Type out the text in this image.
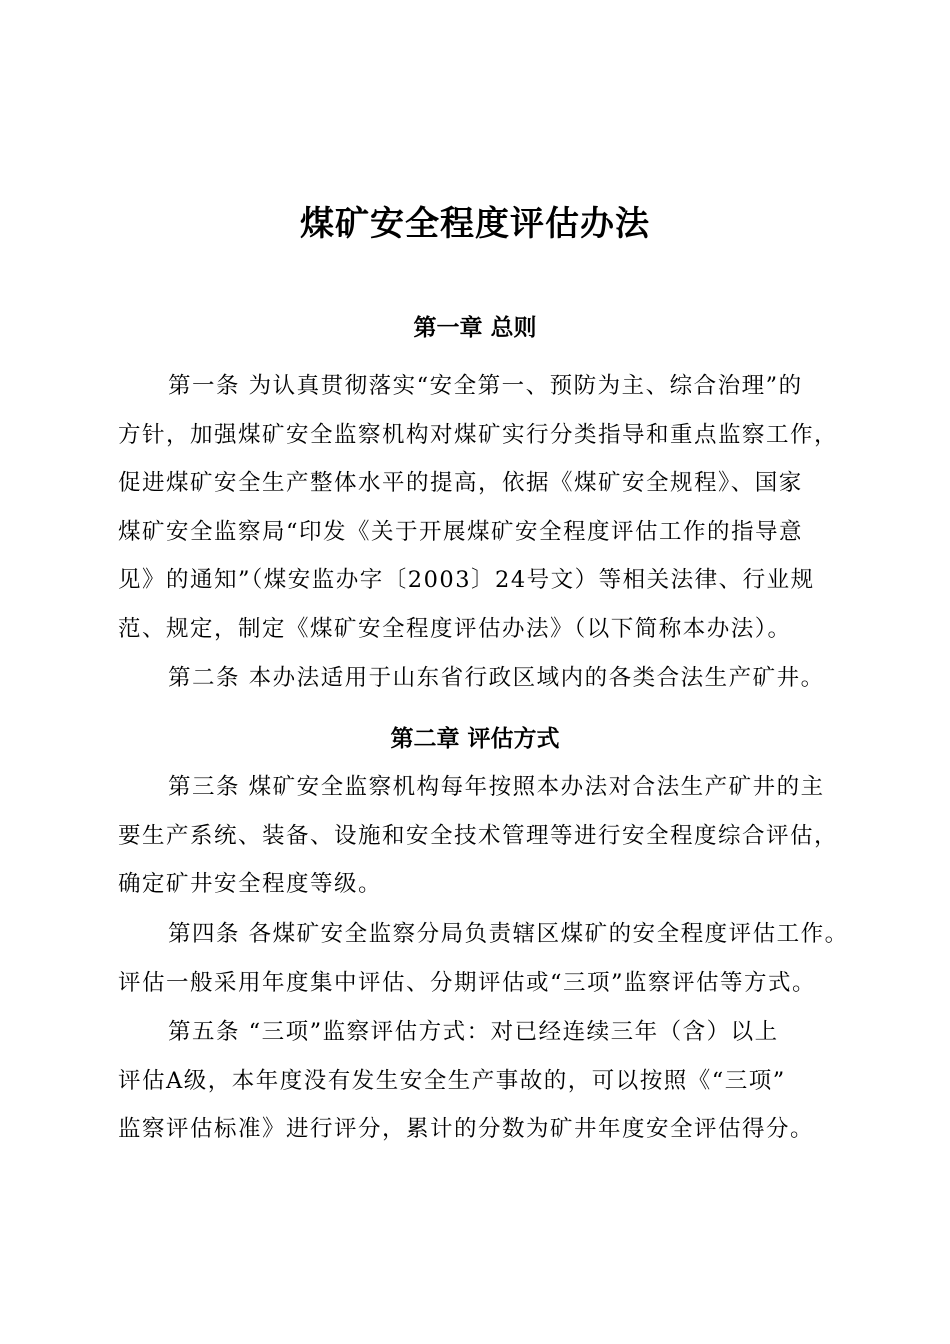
煤矿安全程度评估办法
第一章 总则
第一条 为认真贯彻落实“安全第一、预防为主、综合治理”的
方针，加强煤矿安全监察机构对煤矿实行分类指导和重点监察工作，
促进煤矿安全生产整体水平的提高，依据《煤矿安全规程》、国家
煤矿安全监察局“印发《关于开展煤矿安全程度评估工作的指导意
见》的通知”（煤安监办字〔2003〕24号文）等相关法律、行业规
范、规定，制定《煤矿安全程度评估办法》（以下简称本办法）。
第二条 本办法适用于山东省行政区域内的各类合法生产矿井。
第二章 评估方式
第三条 煤矿安全监察机构每年按照本办法对合法生产矿井的主
要生产系统、装备、设施和安全技术管理等进行安全程度综合评估，
确定矿井安全程度等级。
第四条 各煤矿安全监察分局负责辖区煤矿的安全程度评估工作。
评估一般采用年度集中评估、分期评估或“三项”监察评估等方式。
第五条 “三项”监察评估方式：对已经连续三年（含）以上
评估A级，本年度没有发生安全生产事故的，可以按照《“三项”
监察评估标准》进行评分，累计的分数为矿井年度安全评估得分。
